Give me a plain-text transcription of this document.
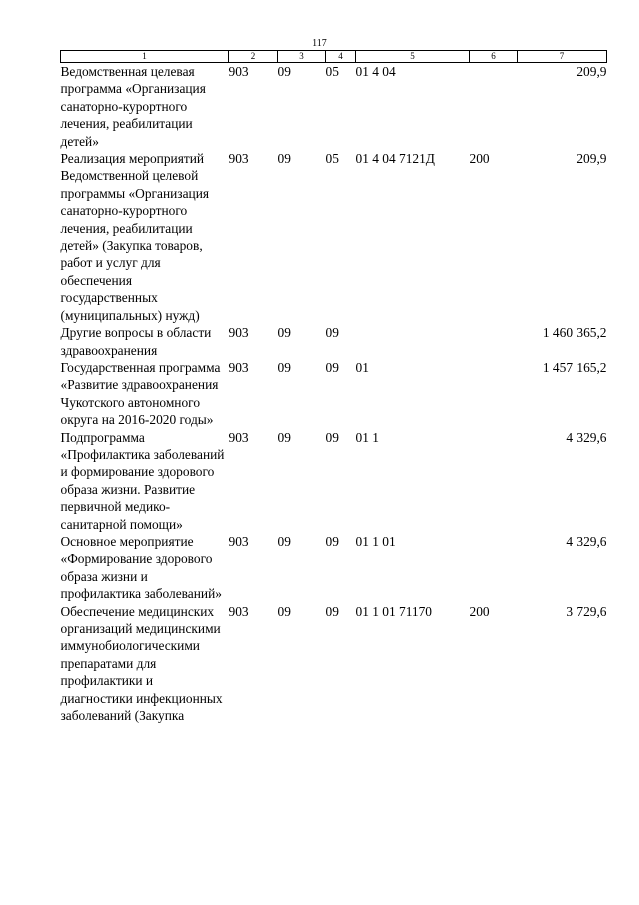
117
1	2	3	4	5	6	7
Ведомственная целевая программа «Организация санаторно-курортного лечения, реабилитации детей»	903	09	05	01 4 04		209,9
Реализация мероприятий Ведомственной целевой программы «Организация санаторно-курортного лечения, реабилитации детей» (Закупка товаров, работ и услуг для обеспечения государственных (муниципальных) нужд)	903	09	05	01 4 04 7121Д	200	209,9
Другие вопросы в области здравоохранения	903	09	09			1 460 365,2
Государственная программа «Развитие здравоохранения Чукотского автономного округа на 2016-2020 годы»	903	09	09	01		1 457 165,2
Подпрограмма «Профилактика заболеваний и формирование здорового образа жизни. Развитие первичной медико-санитарной помощи»	903	09	09	01 1		4 329,6
Основное мероприятие «Формирование здорового образа жизни и профилактика заболеваний»	903	09	09	01 1 01		4 329,6
Обеспечение медицинских организаций медицинскими иммунобиологическими препаратами для профилактики и диагностики инфекционных заболеваний (Закупка	903	09	09	01 1 01 71170	200	3 729,6
